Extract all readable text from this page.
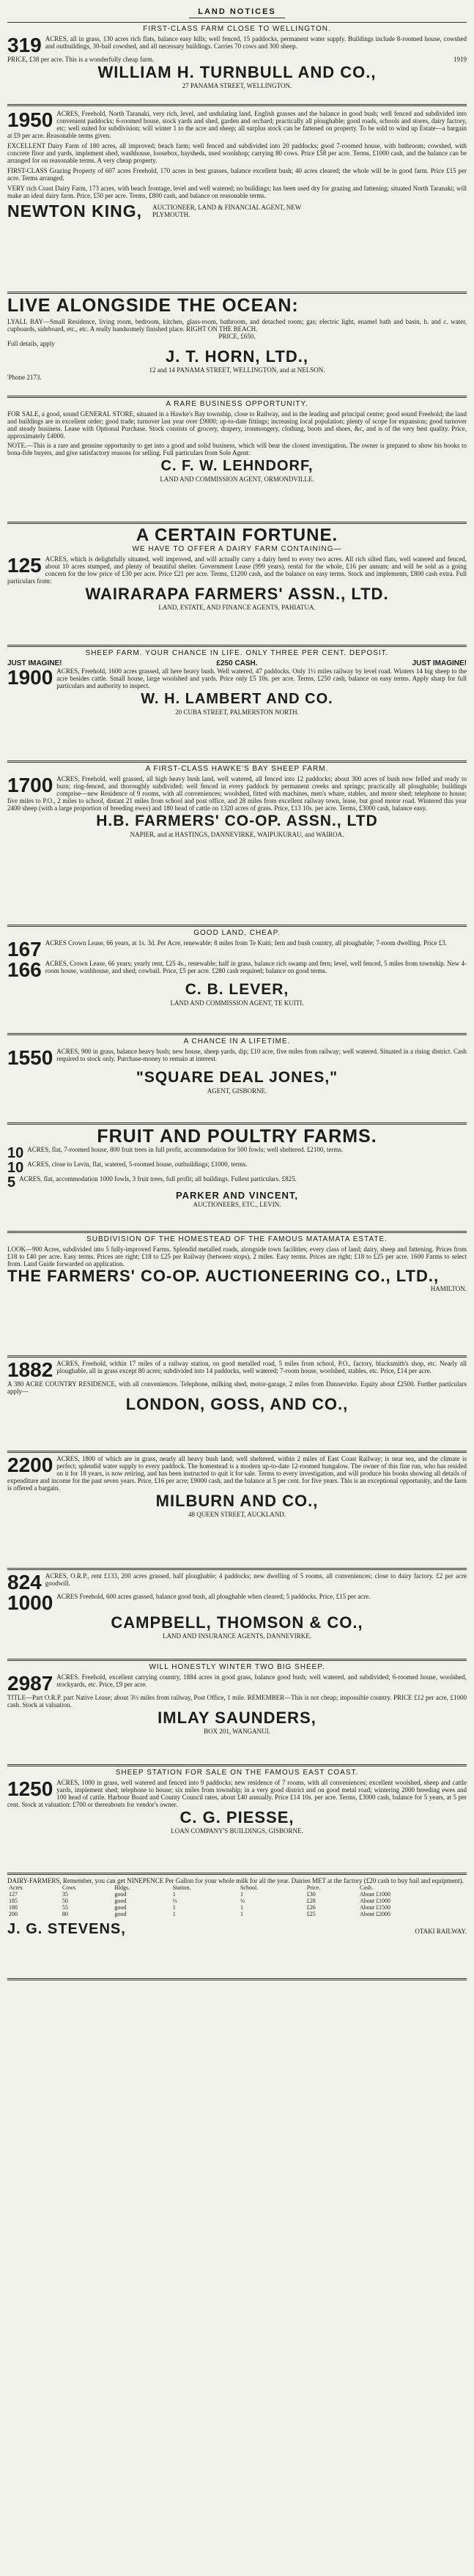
LAND NOTICES
FIRST-CLASS FARM CLOSE TO WELLINGTON.
319 ACRES, all in grass, 130 acres rich flats, balance easy hills; well fenced, 15 paddocks, permanent water supply. Buildings include 8-roomed house, cowshed and outbuildings, 30-bail cowshed, and all necessary buildings. Carries 70 cows and 300 sheep.
PRICE, £38 per acre. This is a wonderfully cheap farm.	1919
WILLIAM H. TURNBULL AND CO.,
27 PANAMA STREET, WELLINGTON.
1950 ACRES, Freehold, North Taranaki, very rich, level, and undulating land, English grasses and the balance in good bush; well fenced and subdivided into convenient paddocks; 6-roomed house, stock yards and shed, garden and orchard; practically all ploughable; good roads, schools and stores, dairy factory, etc; well suited for subdivision; will winter 1 to the acre and sheep; all surplus stock can be fattened on property. To be sold to wind up Estate—a bargain at £9 per acre. Reasonable terms given.
EXCELLENT Dairy Farm of 180 acres, all improved; beach farm; well fenced and subdivided into 20 paddocks; good 7-roomed house, with bathroom; cowshed, with concrete floor and yards, implement shed, washhouse, loosebox, haysheds, used woolshop; carrying 80 cows. Price £58 per acre. Terms, £1000 cash, and the balance can be arranged for on reasonable terms. A very cheap property.
FIRST-CLASS Grazing Property of 607 acres Freehold, 170 acres in best grasses, balance excellent bush; 40 acres cleared; the whole will be in good farm. Price £15 per acre. Terms arranged.
VERY rich Coast Dairy Farm, 173 acres, with beach frontage, level and well watered; no buildings; has been used dry for grazing and fattening; situated North Taranaki; will make an ideal dairy farm. Price, £50 per acre. Terms, £800 cash, and balance on reasonable terms.
NEWTON KING, AUCTIONEER, LAND & FINANCIAL AGENT, NEW PLYMOUTH.
LIVE ALONGSIDE THE OCEAN:
LYALL BAY—Small Residence, living room, bedroom, kitchen, glass-room, bathroom, and detached room; gas; electric light, enamel bath and basin, h. and c. water, cupboards, sideboard, etc., etc. A really handsomely finished place. RIGHT ON THE BEACH.
PRICE, £650.
Full details, apply
J. T. HORN, LTD.,
12 and 14 PANAMA STREET, WELLINGTON, and at NELSON.
'Phone 2173.
A RARE BUSINESS OPPORTUNITY.
FOR SALE, a good, sound GENERAL STORE, situated in a Hawke's Bay township, close to Railway, and in the leading and principal centre; good sound Freehold; the land and buildings are in excellent order; good trade; turnover last year over £9000; up-to-date fittings; increasing local population; plenty of scope for expansion; good turnover and steady business. Lease with Optional Purchase. Stock consists of grocery, drapery, ironmongery, clothing, boots and shoes, &c, and is of the very best quality. Price, approximately £4000.
NOTE.—This is a rare and genuine opportunity to get into a good and solid business, which will bear the closest investigation. The owner is prepared to show his books to bona-fide buyers, and give satisfactory reasons for selling. Full particulars from Sole Agent:
C. F. W. LEHNDORF,
LAND AND COMMISSION AGENT, ORMONDVILLE.
A CERTAIN FORTUNE.
WE HAVE TO OFFER A DAIRY FARM CONTAINING—
125 ACRES, which is delightfully situated, well improved, and will actually carry a dairy herd to every two acres. All rich silted flats, well watered and fenced, about 10 acres stumped, and plenty of beautiful shelter. Government Lease (999 years), rental for the whole, £16 per annum; and will be sold as a going concern for the low price of £30 per acre. Price £21 per acre. Terms, £1200 cash, and the balance on easy terms. Stock and implements, £800 cash extra. Full particulars from:
WAIRARAPA FARMERS' ASSN., LTD.
LAND, ESTATE, AND FINANCE AGENTS, PAHIATUA.
SHEEP FARM. YOUR CHANCE IN LIFE. ONLY THREE PER CENT. DEPOSIT.
JUST IMAGINE!	£250 CASH.	JUST IMAGINE!
1900 ACRES, Freehold, 1600 acres grassed, all here heavy bush. Well watered, 47 paddocks. Only 1½ miles railway by level road. Winters 14 big sheep to the acre besides cattle. Small house, large woolshed and yards. Price only £5 10s. per acre. Terms, £250 cash, balance on easy terms. Apply sharp for full particulars and authority to inspect.
W. H. LAMBERT AND CO.
20 CUBA STREET, PALMERSTON NORTH.
A FIRST-CLASS HAWKE'S BAY SHEEP FARM.
1700 ACRES, Freehold, well grassed, all high heavy bush land, well watered, all fenced into 12 paddocks; about 300 acres of bush now felled and ready to burn; ring-fenced, and thoroughly subdivided; well fenced in every paddock by permanent creeks and springs; practically all ploughable; buildings comprise—new Residence of 9 rooms, with all conveniences; woolshed, fitted with machines, men's whare, stables, and motor shed; telephone to house; five miles to P.O., 2 miles to school, distant 21 miles from school and post office, and 28 miles from excellent railway town, lease, but good motor road. Wintered this year 2400 sheep (with a large proportion of breeding ewes) and 180 head of cattle on 1320 acres of grass. Price, £13 10s. per acre. Terms, £3000 cash, balance easy.
H.B. FARMERS' CO-OP. ASSN., LTD
NAPIER, and at HASTINGS, DANNEVIRKE, WAIPUKURAU, and WAIROA.
GOOD LAND, CHEAP.
167 ACRES Crown Lease, 66 years, at 1s. 3d. Per Acre, renewable; 8 miles from Te Kuiti; fern and bush country, all ploughable; 7-room dwelling. Price £3.
166 ACRES, Crown Lease, 66 years; yearly rent, £25 4s., renewable; half in grass, balance rich swamp and fern; level, well fenced, 5 miles from township. New 4-room house, washhouse, and shed; cowbail. Price, £5 per acre. £280 cash required; balance on good terms.
C. B. LEVER,
LAND AND COMMISSION AGENT, TE KUITI.
A CHANCE IN A LIFETIME.
1550 ACRES, 900 in grass, balance heavy bush; new house, sheep yards, dip; £10 acre, five miles from railway; well watered. Situated in a rising district. Cash required to stock only. Purchase-money to remain at interest.
"SQUARE DEAL JONES,"
AGENT, GISBORNE.
FRUIT AND POULTRY FARMS.
10 ACRES, flat, 7-roomed house, 800 fruit trees in full profit, accommodation for 500 fowls; well sheltered. £2100, terms.
10 ACRES, close to Levin, flat, watered, 5-roomed house, outbuildings; £1000, terms.
5 ACRES, flat, accommodation 1000 fowls, 3 fruit trees, full profit; all buildings. Fullest particulars. £825.
PARKER AND VINCENT,
AUCTIONEERS, ETC., LEVIN.
SUBDIVISION OF THE HOMESTEAD OF THE FAMOUS MATAMATA ESTATE.
LOOK—900 Acres, subdivided into 5 fully-improved Farms. Splendid metalled roads, alongside town facilities; every class of land; dairy, sheep and fattening. Prices from £18 to £40 per acre. Easy terms. Prices are right; £18 to £25 per Railway (between stops), 2 miles. Easy terms. Prices are right; £18 to £25 per acre. 1600 Farms to select from. Land Guide forwarded on application.
THE FARMERS' CO-OP. AUCTIONEERING CO., LTD.,
HAMILTON.
1882 ACRES, Freehold, within 17 miles of a railway station, on good metalled road, 5 miles from school, P.O., factory, blacksmith's shop, etc. Nearly all ploughable, all in grass except 80 acres; subdivided into 14 paddocks, well watered; 7-room house, woolshed, stables, etc. Price, £14 per acre.
A 380 ACRE COUNTRY RESIDENCE, with all conveniences. Telephone, milking shed, motor-garage, 2 miles from Dannevirke. Equity about £2500. Further particulars apply—
LONDON, GOSS, AND CO.,
2200 ACRES, 1800 of which are in grass, nearly all heavy bush land; well sheltered, within 2 miles of East Coast Railway; is near sea, and the climate is perfect; splendid water supply to every paddock. The homestead is a modern up-to-date 12-roomed bungalow. The owner of this fine run, who has resided on it for 18 years, is now retiring, and has been instructed to quit it for sale. Terms to every investigation, and will produce his books showing all details of expenditure and income for the past seven years. Price, £16 per acre; £9000 cash, and the balance at 5 per cent. for five years. This is an exceptional opportunity, and the farm is offered a bargain.
MILBURN AND CO.,
48 QUEEN STREET, AUCKLAND.
824 ACRES, O.R.P., rent £133, 200 acres grassed, half ploughable; 4 paddocks; new dwelling of 5 rooms, all conveniences; close to dairy factory. £2 per acre goodwill.
1000 ACRES Freehold, 600 acres grassed, balance good bush, all ploughable when cleared; 5 paddocks. Price, £15 per acre.
CAMPBELL, THOMSON & CO.,
LAND AND INSURANCE AGENTS, DANNEVIRKE.
WILL HONESTLY WINTER TWO BIG SHEEP.
2987 ACRES. Freehold, excellent carrying country, 1884 acres in good grass, balance good bush; well watered, and subdivided; 6-roomed house, woolshed, stockyards, etc. Price, £9 per acre.
TITLE—Part O.R.P. part Native Lease; about 3½ miles from railway, Post Office, 1 mile. REMEMBER—This is not cheap; impossible country. PRICE £12 per acre, £1000 cash. Stock at valuation.
IMLAY SAUNDERS,
BOX 201, WANGANUI.
SHEEP STATION FOR SALE ON THE FAMOUS EAST COAST.
1250 ACRES, 1000 in grass, well watered and fenced into 9 paddocks; new residence of 7 rooms, with all conveniences; excellent woolshed, sheep and cattle yards, implement shed; telephone to house; six miles from township; in a very good district and on good metal road; wintering 2000 breeding ewes and 100 head of cattle. Harbour Board and County Council rates, about £40 annually. Price £14 10s. per acre. Terms, £3000 cash, balance for 5 years, at 5 per cent. Stock at valuation: £700 or thereabouts for vendor's owner.
C. G. PIESSE,
LOAN COMPANY'S BUILDINGS, GISBORNE.
DAIRY-FARMERS, Remember, you can get NINEPENCE Per Gallon for your whole milk for all the year. Dairies MET at the factory (£20 cash to buy bail and equipment).
Acres	Cows	Bldgs.	Station.	School.	Price.	Cash.
127	35	good	1	1	£30	About £1000
185	50	good	½	½	£28	About £1000
180	55	good	1	1	£26	About £1500
200	80	good	1	1	£25	About £2000
J. G. STEVENS,	OTAKI RAILWAY.
